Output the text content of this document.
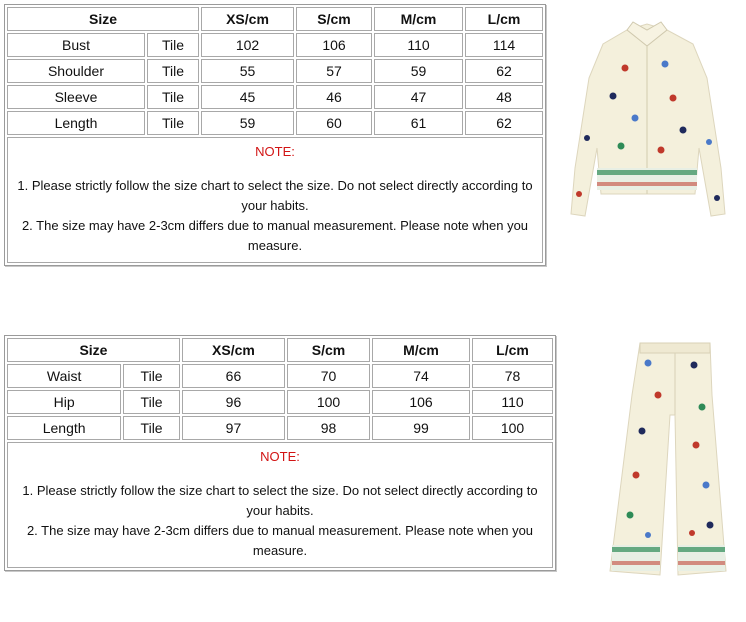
Size		XS/cm	S/cm	M/cm	L/cm
Bust	Tile	102	106	110	114
Shoulder	Tile	55	57	59	62
Sleeve	Tile	45	46	47	48
Length	Tile	59	60	61	62

NOTE:
1. Please strictly follow the size chart to select the size. Do not select directly according to your habits.
2. The size may have 2-3cm differs due to manual measurement. Please note when you measure.					
Size		XS/cm	S/cm	M/cm	L/cm
Waist	Tile	66	70	74	78
Hip	Tile	96	100	106	110
Length	Tile	97	98	99	100

NOTE:
1. Please strictly follow the size chart to select the size. Do not select directly according to your habits.
2. The size may have 2-3cm differs due to manual measurement. Please note when you measure.					
